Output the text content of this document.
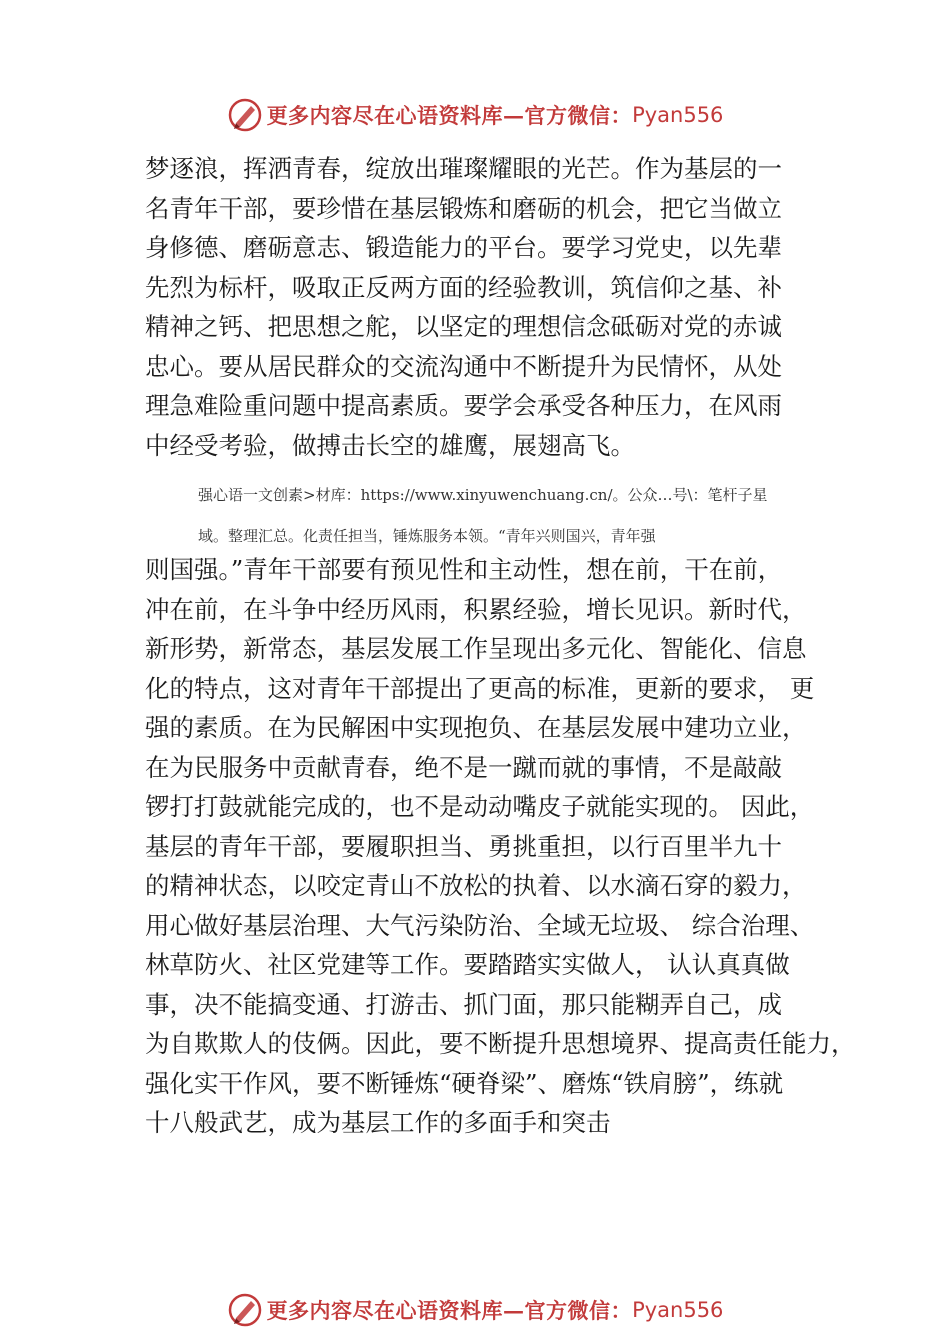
更多内容尽在心语资料库—官方微信： Pyan556
梦逐浪，挥洒青春，绽放出璀璨耀眼的光芒。作为基层的一
名青年干部，要珍惜在基层锻炼和磨砺的机会，把它当做立
身修德、磨砺意志、锻造能力的平台。要学习党史，以先辈
先烈为标杆，吸取正反两方面的经验教训，筑信仰之基、补
精神之钙、把思想之舵，以坚定的理想信念砥砺对党的赤诚
忠心。要从居民群众的交流沟通中不断提升为民情怀，从处
理急难险重问题中提高素质。要学会承受各种压力，在风雨
中经受考验，做搏击长空的雄鹰，展翅高飞。
强心语一文创素>材库：https://www.xinyuwenchuang.cn/。公众…号\：笔杆子星
域。整理汇总。化责任担当，锤炼服务本领。“青年兴则国兴，青年强
则国强。”青年干部要有预见性和主动性，想在前，干在前，
冲在前，在斗争中经历风雨，积累经验，增长见识。新时代，
新形势，新常态，基层发展工作呈现出多元化、智能化、信息
化的特点，这对青年干部提出了更高的标准，更新的要求， 更
强的素质。在为民解困中实现抱负、在基层发展中建功立业，
在为民服务中贡献青春，绝不是一蹴而就的事情，不是敲敲
锣打打鼓就能完成的，也不是动动嘴皮子就能实现的。 因此，
基层的青年干部，要履职担当、勇挑重担，以行百里半九十
的精神状态，以咬定青山不放松的执着、以水滴石穿的毅力，
用心做好基层治理、大气污染防治、全域无垃圾、 综合治理、
林草防火、社区党建等工作。要踏踏实实做人， 认认真真做
事，决不能搞变通、打游击、抓门面，那只能糊弄自己，成
为自欺欺人的伎俩。因此，要不断提升思想境界、提高责任能力，
强化实干作风，要不断锤炼“硬脊梁”、磨炼“铁肩膀”，练就
十八般武艺，成为基层工作的多面手和突击
更多内容尽在心语资料库—官方微信： Pyan556
